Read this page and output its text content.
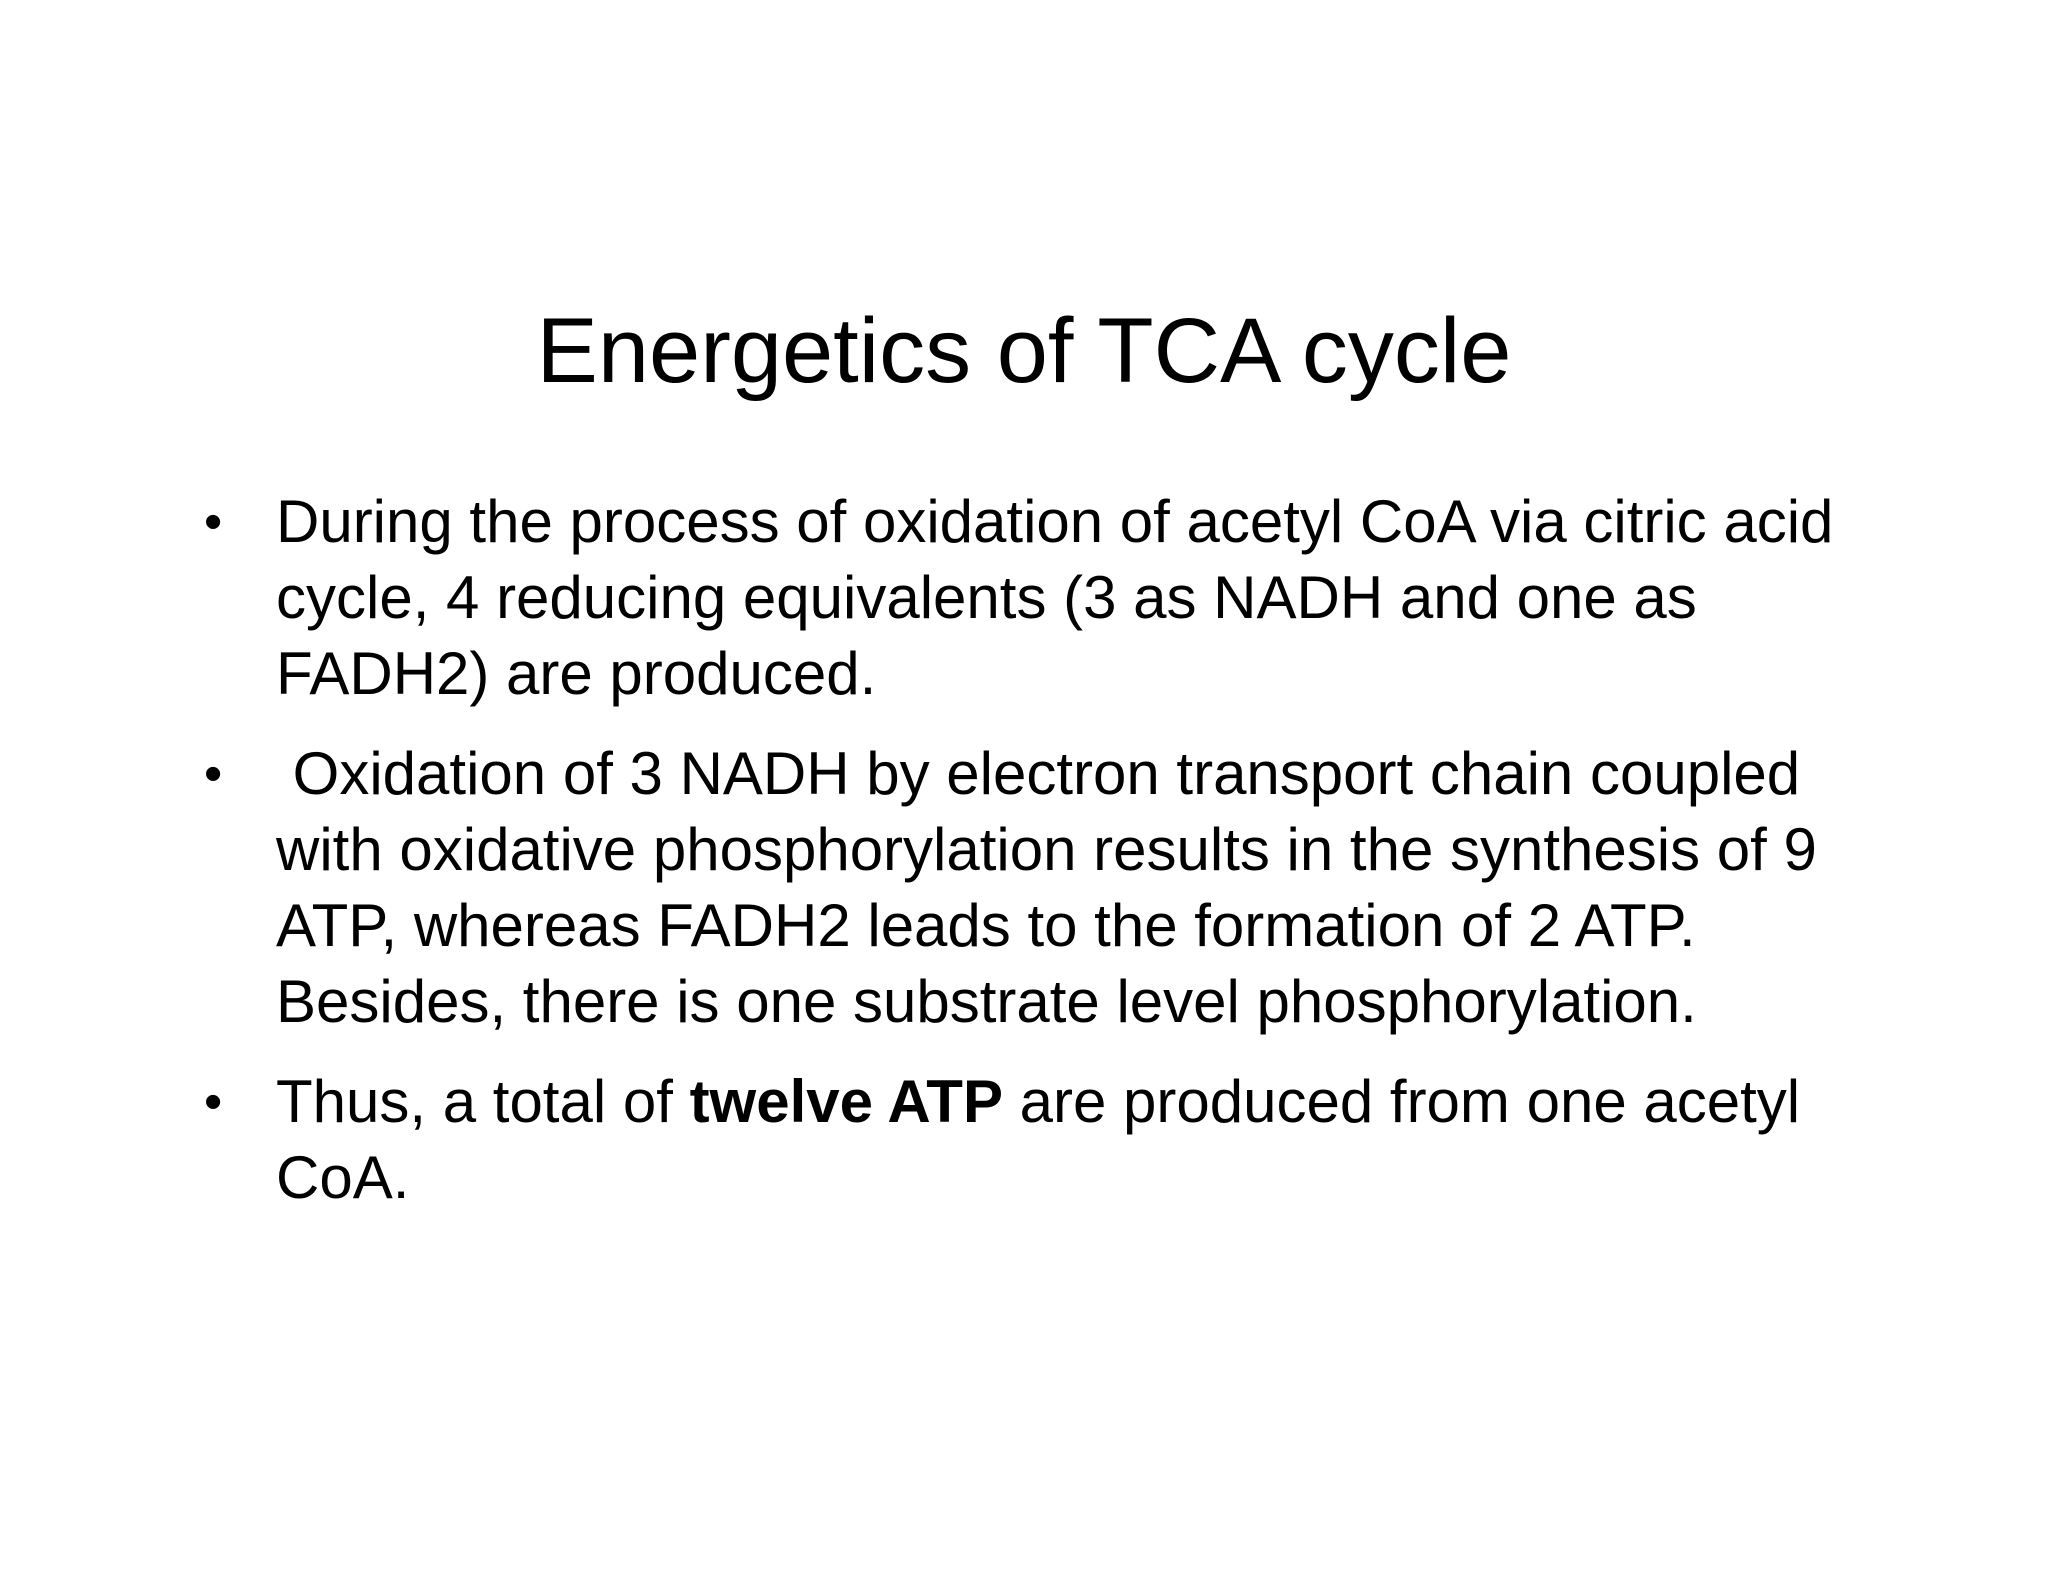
Energetics of TCA cycle
• During the process of oxidation of acetyl CoA via citric acid cycle, 4 reducing equivalents (3 as NADH and one as FADH2) are produced.
• Oxidation of 3 NADH by electron transport chain coupled with oxidative phosphorylation results in the synthesis of 9 ATP, whereas FADH2 leads to the formation of 2 ATP. Besides, there is one substrate level phosphorylation.
• Thus, a total of twelve ATP are produced from one acetyl CoA.
